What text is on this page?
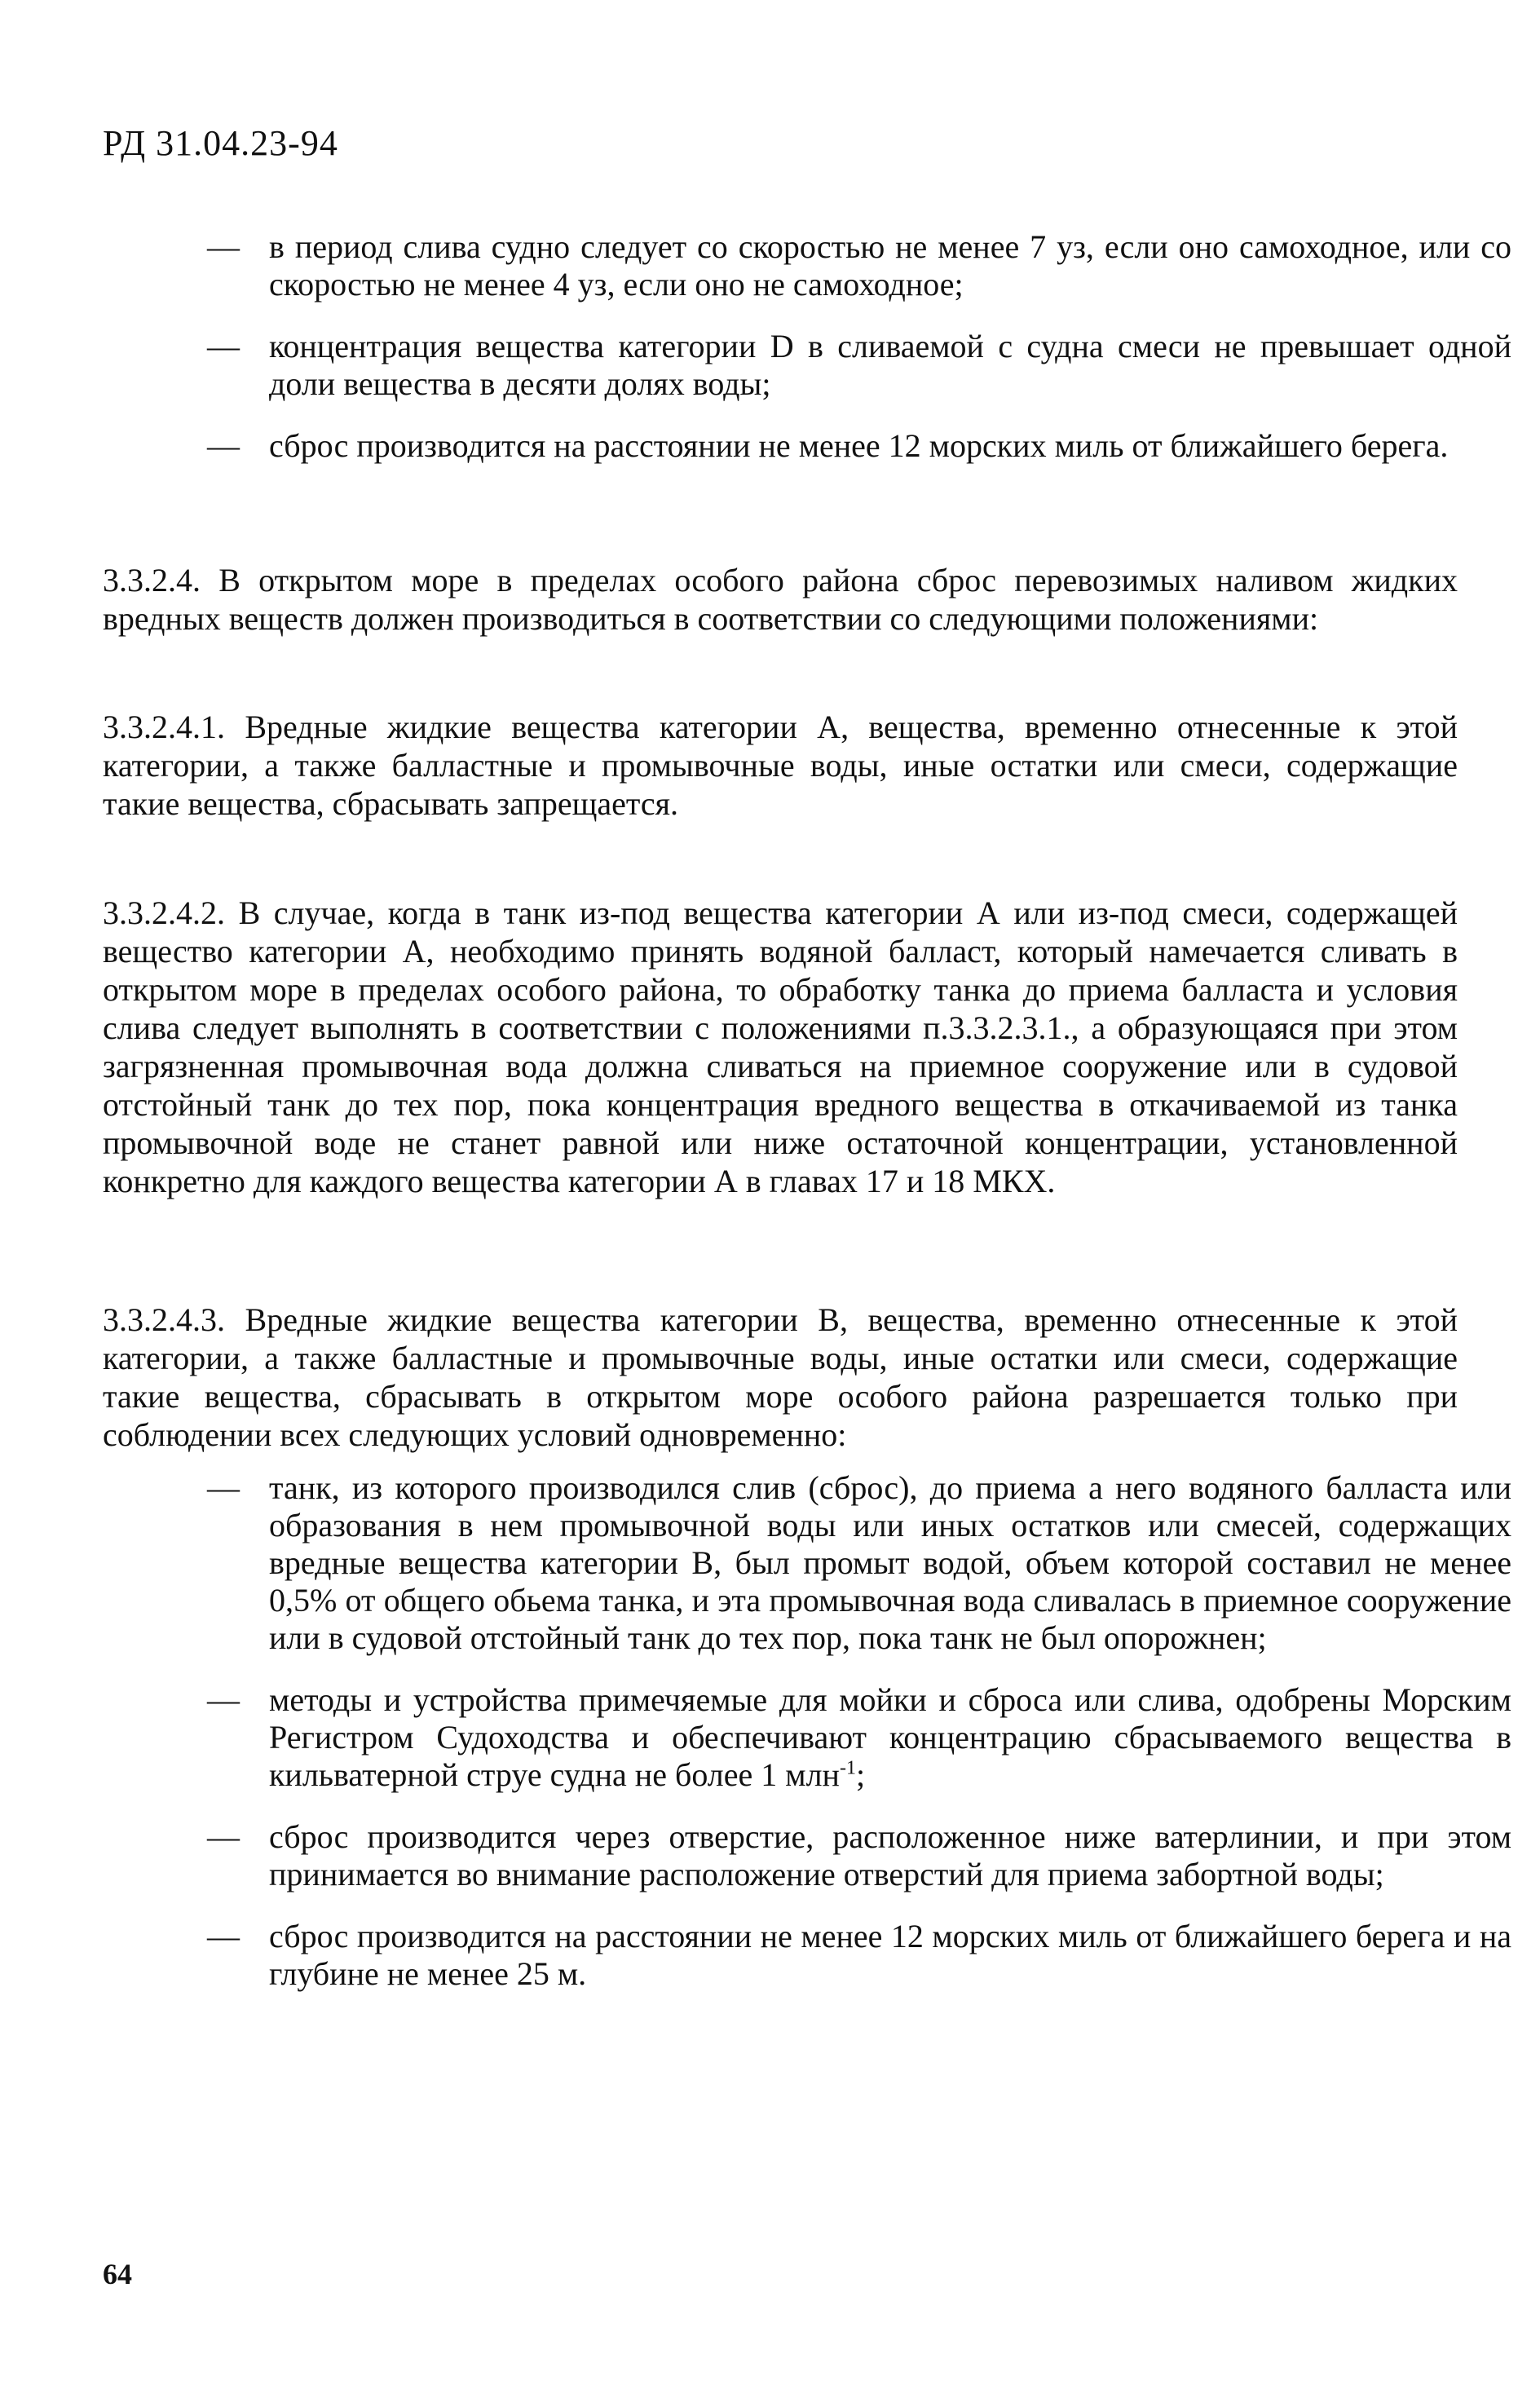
РД 31.04.23-94
— в период слива судно следует со скоростью не менее 7 уз, если оно самоходное, или со скоростью не менее 4 уз, если оно не самоходное;
— концентрация вещества категории D в сливаемой с судна смеси не превышает одной доли вещества в десяти долях воды;
— сброс производится на расстоянии не менее 12 морских миль от ближайшего берега.
3.3.2.4. В открытом море в пределах особого района сброс перевозимых наливом жидких вредных веществ должен производиться в соответствии со следующими положениями:
3.3.2.4.1. Вредные жидкие вещества категории А, вещества, временно отнесенные к этой категории, а также балластные и промывочные воды, иные остатки или смеси, содержащие такие вещества, сбрасывать запрещается.
3.3.2.4.2. В случае, когда в танк из-под вещества категории А или из-под смеси, содержащей вещество категории А, необходимо принять водяной балласт, который намечается сливать в открытом море в пределах особого района, то обработку танка до приема балласта и условия слива следует выполнять в соответствии с положениями п.3.3.2.3.1., а образующаяся при этом загрязненная промывочная вода должна сливаться на приемное сооружение или в судовой отстойный танк до тех пор, пока концентрация вредного вещества в откачиваемой из танка промывочной воде не станет равной или ниже остаточной концентрации, установленной конкретно для каждого вещества категории А в главах 17 и 18 МКХ.
3.3.2.4.3. Вредные жидкие вещества категории В, вещества, временно отнесенные к этой категории, а также балластные и промывочные воды, иные остатки или смеси, содержащие такие вещества, сбрасывать в открытом море особого района разрешается только при соблюдении всех следующих условий одновременно:
— танк, из которого производился слив (сброс), до приема а него водяного балласта или образования в нем промывочной воды или иных остатков или смесей, содержащих вредные вещества категории В, был промыт водой, объем которой составил не менее 0,5% от общего обьема танка, и эта промывочная вода сливалась в приемное сооружение или в судовой отстойный танк до тех пор, пока танк не был опорожнен;
— методы и устройства примечяемые для мойки и сброса или слива, одобрены Морским Регистром Судоходства и обеспечивают концентрацию сбрасываемого вещества в кильватерной струе судна не более 1 млн$^{-1}$;
— сброс производится через отверстие, расположенное ниже ватерлинии, и при этом принимается во внимание расположение отверстий для приема забортной воды;
— сброс производится на расстоянии не менее 12 морских миль от ближайшего берега и на глубине не менее 25 м.
64
